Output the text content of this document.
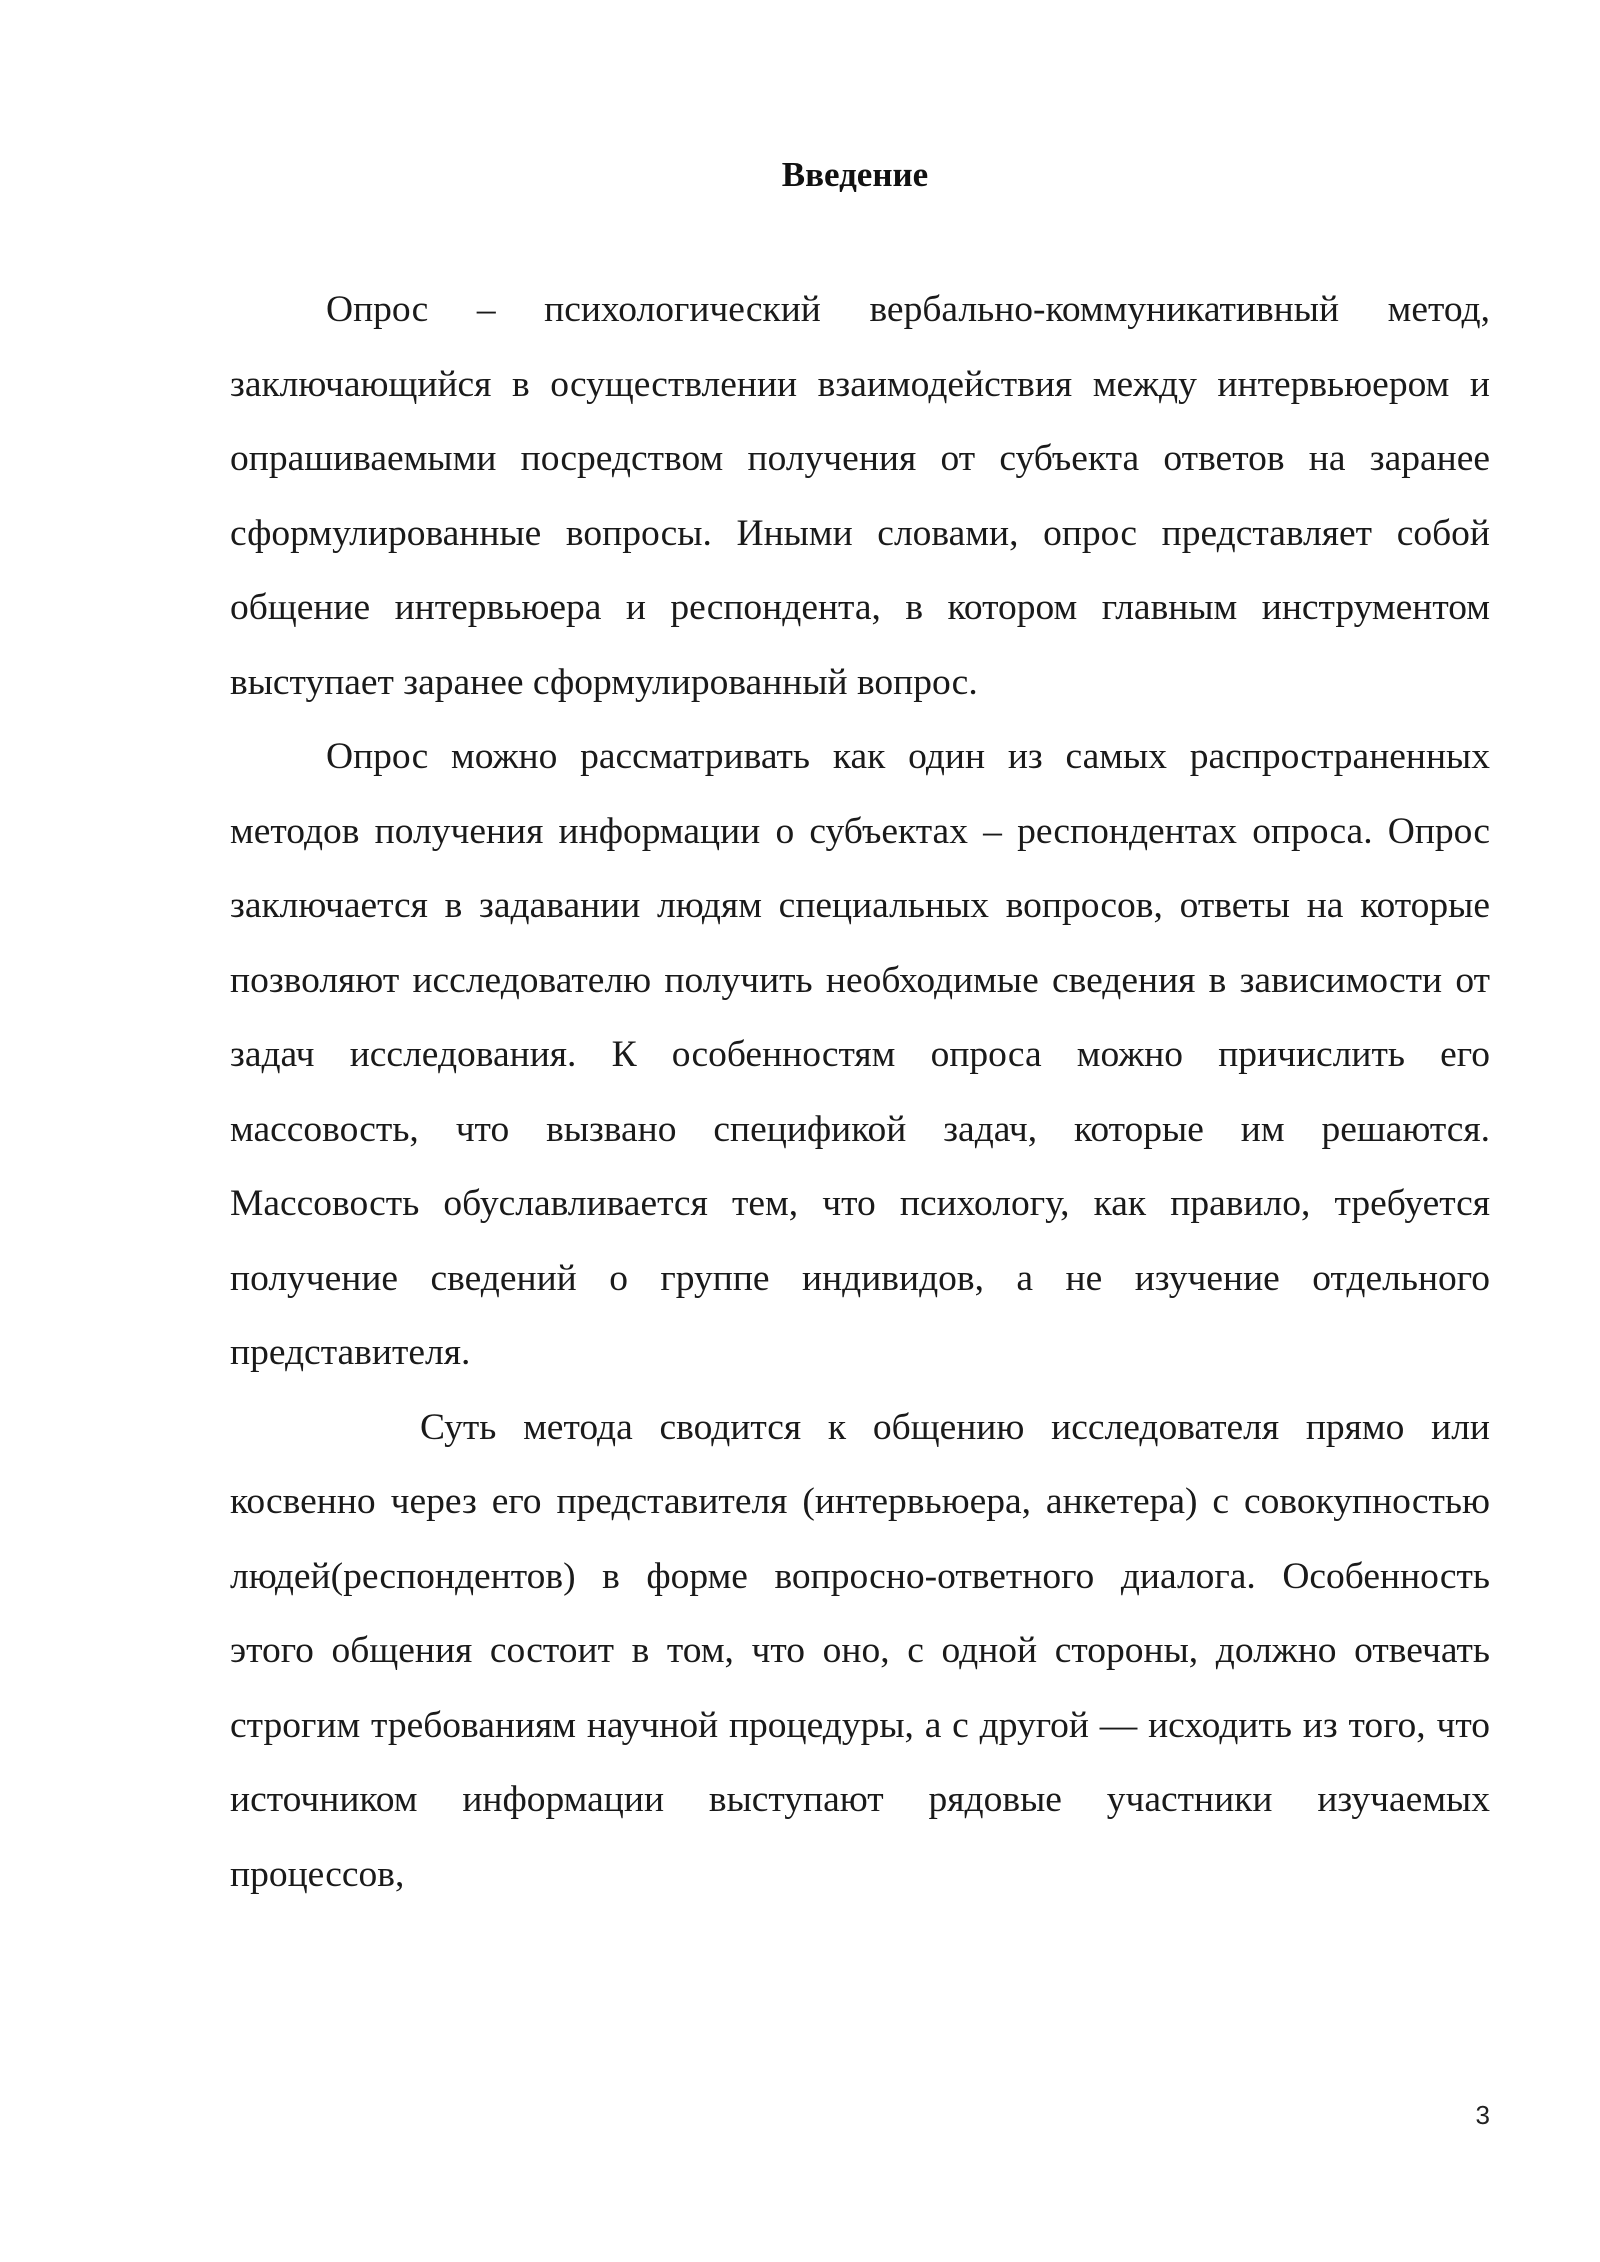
Введение

Опрос – психологический вербально-коммуникативный метод, заключающийся в осуществлении взаимодействия между интервьюером и опрашиваемыми посредством получения от субъекта ответов на заранее сформулированные вопросы. Иными словами, опрос представляет собой общение интервьюера и респондента, в котором главным инструментом выступает заранее сформулированный вопрос.

Опрос можно рассматривать как один из самых распространенных методов получения информации о субъектах – респондентах опроса. Опрос заключается в задавании людям специальных вопросов, ответы на которые позволяют исследователю получить необходимые сведения в зависимости от задач исследования. К особенностям опроса можно причислить его массовость, что вызвано спецификой задач, которые им решаются. Массовость обуславливается тем, что психологу, как правило, требуется получение сведений о группе индивидов, а не изучение отдельного представителя.

Суть метода сводится к общению исследователя прямо или косвенно через его представителя (интервьюера, анкетера) с совокупностью людей(респондентов) в форме вопросно-ответного диалога. Особенность этого общения состоит в том, что оно, с одной стороны, должно отвечать строгим требованиям научной процедуры, а с другой — исходить из того, что источником информации выступают рядовые участники изучаемых процессов,

3
